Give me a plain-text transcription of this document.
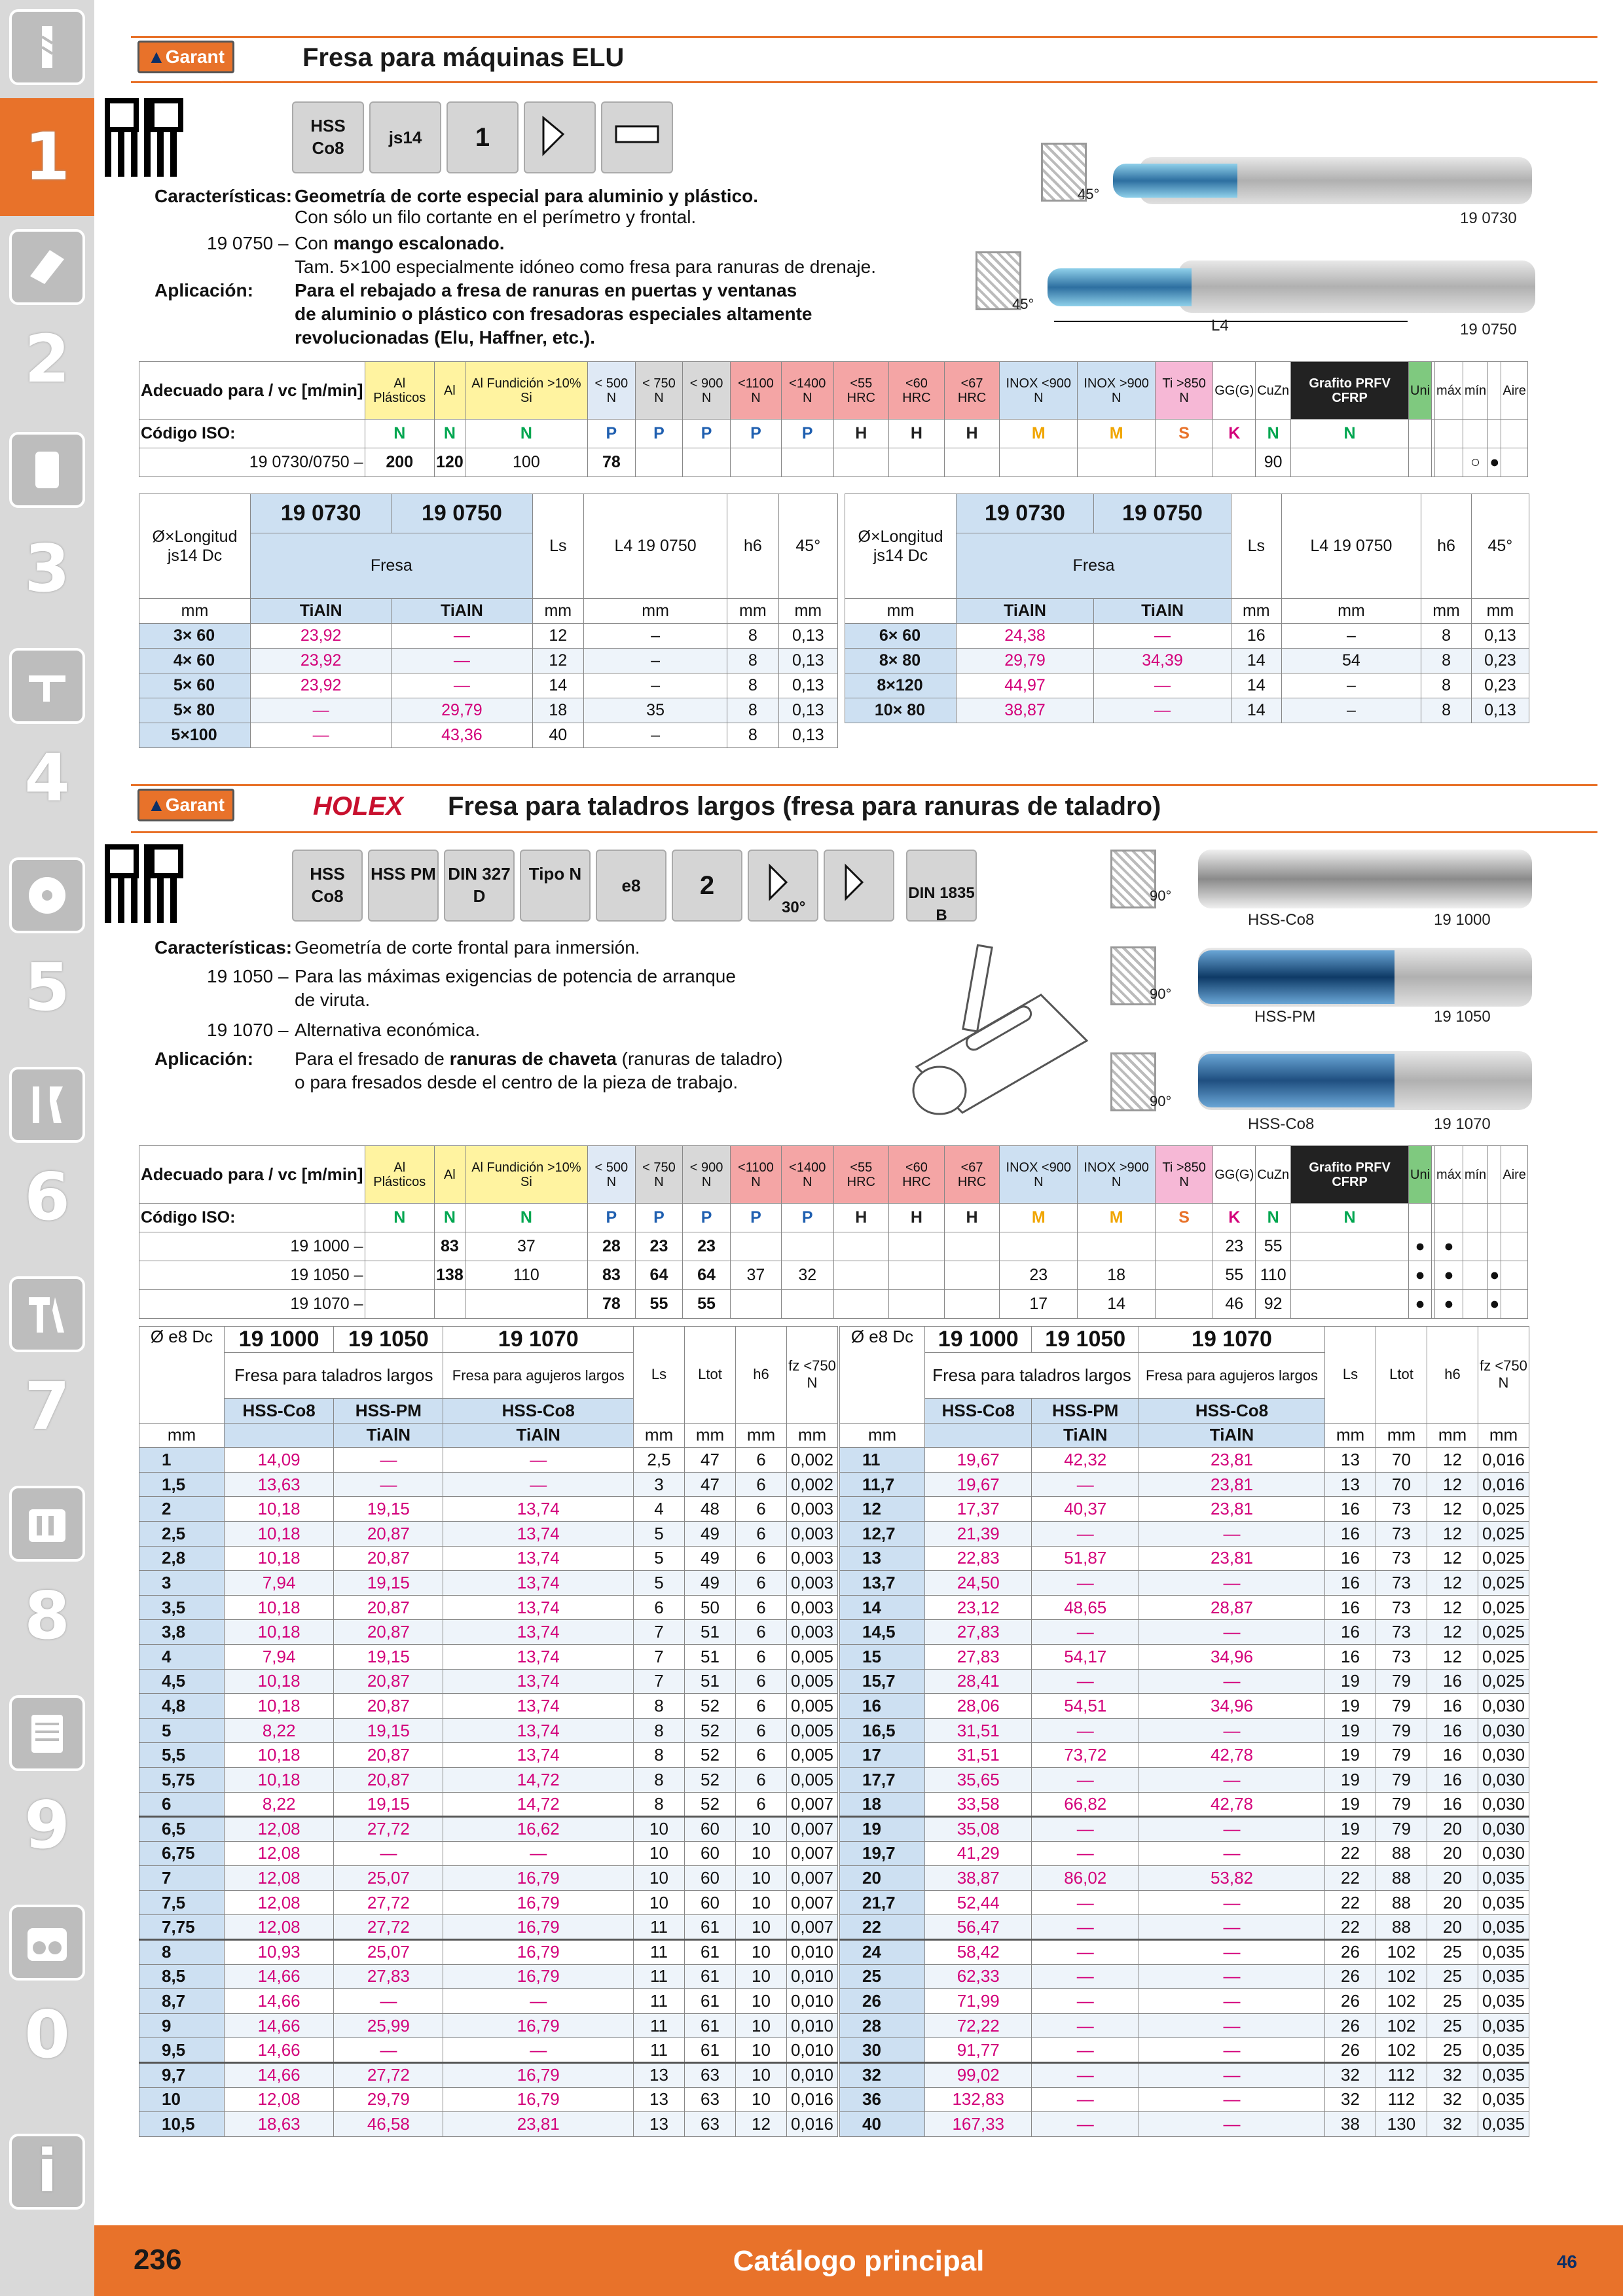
1
2
3
4
5
6
7
8
9
0
i
▲Garant	Fresa para máquinas ELU
HSS Co8
js14	1
Características: Geometría de corte especial para aluminio y plástico.
Con sólo un filo cortante en el perímetro y frontal.
19 0750 – Con mango escalonado.
Tam. 5×100 especialmente idóneo como fresa para ranuras de drenaje.
Aplicación: Para el rebajado a fresa de ranuras en puertas y ventanas
de aluminio o plástico con fresadoras especiales altamente
revolucionadas (Elu, Haffner, etc.).
45°
19 0730
45°
L4	19 0750
Adecuado para / vc [m/min]	Al Plásticos	Al	Al Fundición >10% Si	< 500 N	< 750 N	< 900 N	<1100 N	<1400 N	<55 HRC	<60 HRC	<67 HRC	INOX <900 N	INOX >900 N	Ti >850 N	GG(G)	CuZn	Grafito PRFV CFRP	Uni		máx	mín		Aire
Código ISO:	N	N	N	P	P	P	P	P	H	H	H	M	M	S	K	N	N						
19 0730/0750 –	200	120	100	78												90					○	●	
Ø×Longitud js14 Dc	19 0730	19 0750	Ls	L4 19 0750	h6	45°
	Fresa					
mm	TiAlN	TiAlN	mm	mm	mm	mm
3× 60	23,92	—	12	–	8	0,13
4× 60	23,92	—	12	–	8	0,13
5× 60	23,92	—	14	–	8	0,13
5× 80	—	29,79	18	35	8	0,13
5×100	—	43,36	40	–	8	0,13
Ø×Longitud js14 Dc	19 0730	19 0750	Ls	L4 19 0750	h6	45°
	Fresa					
mm	TiAlN	TiAlN	mm	mm	mm	mm
6× 60	24,38	—	16	–	8	0,13
8× 80	29,79	34,39	14	54	8	0,23
8×120	44,97	—	14	–	8	0,23
10× 80	38,87	—	14	–	8	0,13
▲Garant	HOLEX Fresa para taladros largos (fresa para ranuras de taladro)
HSS Co8
HSS PM DIN 327 D
Tipo N
e8	2
30°
DIN 1835 B
Características: Geometría de corte frontal para inmersión.
19 1050 – Para las máximas exigencias de potencia de arranque
de viruta.
19 1070 – Alternativa económica.
Aplicación: Para el fresado de ranuras de chaveta (ranuras de taladro)
o para fresados desde el centro de la pieza de trabajo.
90°
HSS-Co8	19 1000
90°
HSS-PM	19 1050
90°
HSS-Co8	19 1070
Adecuado para / vc [m/min]	Al Plásticos	Al	Al Fundición >10% Si	< 500 N	< 750 N	< 900 N	<1100 N	<1400 N	<55 HRC	<60 HRC	<67 HRC	INOX <900 N	INOX >900 N	Ti >850 N	GG(G)	CuZn	Grafito PRFV CFRP	Uni		máx	mín		Aire
Código ISO:	N	N	N	P	P	P	P	P	H	H	H	M	M	S	K	N	N						
19 1000 –		83	37	28	23	23									23	55		●		●			
19 1050 –		138	110	83	64	64	37	32				23	18		55	110		●		●		●	
19 1070 –				78	55	55						17	14		46	92		●		●		●	
Ø e8 Dc	19 1000	19 1050	19 1070	Ls	Ltot	h6	fz <750 N
	Fresa para taladros largos		Fresa para agujeros largos				
	HSS-Co8	HSS-PM	HSS-Co8				
mm		TiAlN	TiAlN	mm	mm	mm	mm
1	14,09	—	—	2,5	47	6	0,002
1,5	13,63	—	—	3	47	6	0,002
2	10,18	19,15	13,74	4	48	6	0,003
2,5	10,18	20,87	13,74	5	49	6	0,003
2,8	10,18	20,87	13,74	5	49	6	0,003
3	7,94	19,15	13,74	5	49	6	0,003
3,5	10,18	20,87	13,74	6	50	6	0,003
3,8	10,18	20,87	13,74	7	51	6	0,003
4	7,94	19,15	13,74	7	51	6	0,005
4,5	10,18	20,87	13,74	7	51	6	0,005
4,8	10,18	20,87	13,74	8	52	6	0,005
5	8,22	19,15	13,74	8	52	6	0,005
5,5	10,18	20,87	13,74	8	52	6	0,005
5,75	10,18	20,87	14,72	8	52	6	0,005
6	8,22	19,15	14,72	8	52	6	0,007
6,5	12,08	27,72	16,62	10	60	10	0,007
6,75	12,08	—	—	10	60	10	0,007
7	12,08	25,07	16,79	10	60	10	0,007
7,5	12,08	27,72	16,79	10	60	10	0,007
7,75	12,08	27,72	16,79	11	61	10	0,007
8	10,93	25,07	16,79	11	61	10	0,010
8,5	14,66	27,83	16,79	11	61	10	0,010
8,7	14,66	—	—	11	61	10	0,010
9	14,66	25,99	16,79	11	61	10	0,010
9,5	14,66	—	—	11	61	10	0,010
9,7	14,66	27,72	16,79	13	63	10	0,010
10	12,08	29,79	16,79	13	63	10	0,016
10,5	18,63	46,58	23,81	13	63	12	0,016
Ø e8 Dc	19 1000	19 1050	19 1070	Ls	Ltot	h6	fz <750 N
	Fresa para taladros largos		Fresa para agujeros largos				
	HSS-Co8	HSS-PM	HSS-Co8				
mm		TiAlN	TiAlN	mm	mm	mm	mm
11	19,67	42,32	23,81	13	70	12	0,016
11,7	19,67	—	23,81	13	70	12	0,016
12	17,37	40,37	23,81	16	73	12	0,025
12,7	21,39	—	—	16	73	12	0,025
13	22,83	51,87	23,81	16	73	12	0,025
13,7	24,50	—	—	16	73	12	0,025
14	23,12	48,65	28,87	16	73	12	0,025
14,5	27,83	—	—	16	73	12	0,025
15	27,83	54,17	34,96	16	73	12	0,025
15,7	28,41	—	—	19	79	16	0,025
16	28,06	54,51	34,96	19	79	16	0,030
16,5	31,51	—	—	19	79	16	0,030
17	31,51	73,72	42,78	19	79	16	0,030
17,7	35,65	—	—	19	79	16	0,030
18	33,58	66,82	42,78	19	79	16	0,030
19	35,08	—	—	19	79	20	0,030
19,7	41,29	—	—	22	88	20	0,030
20	38,87	86,02	53,82	22	88	20	0,035
21,7	52,44	—	—	22	88	20	0,035
22	56,47	—	—	22	88	20	0,035
24	58,42	—	—	26	102	25	0,035
25	62,33	—	—	26	102	25	0,035
26	71,99	—	—	26	102	25	0,035
28	72,22	—	—	26	102	25	0,035
30	91,77	—	—	26	102	25	0,035
32	99,02	—	—	32	112	32	0,035
36	132,83	—	—	32	112	32	0,035
40	167,33	—	—	38	130	32	0,035
236	Catálogo principal	46
